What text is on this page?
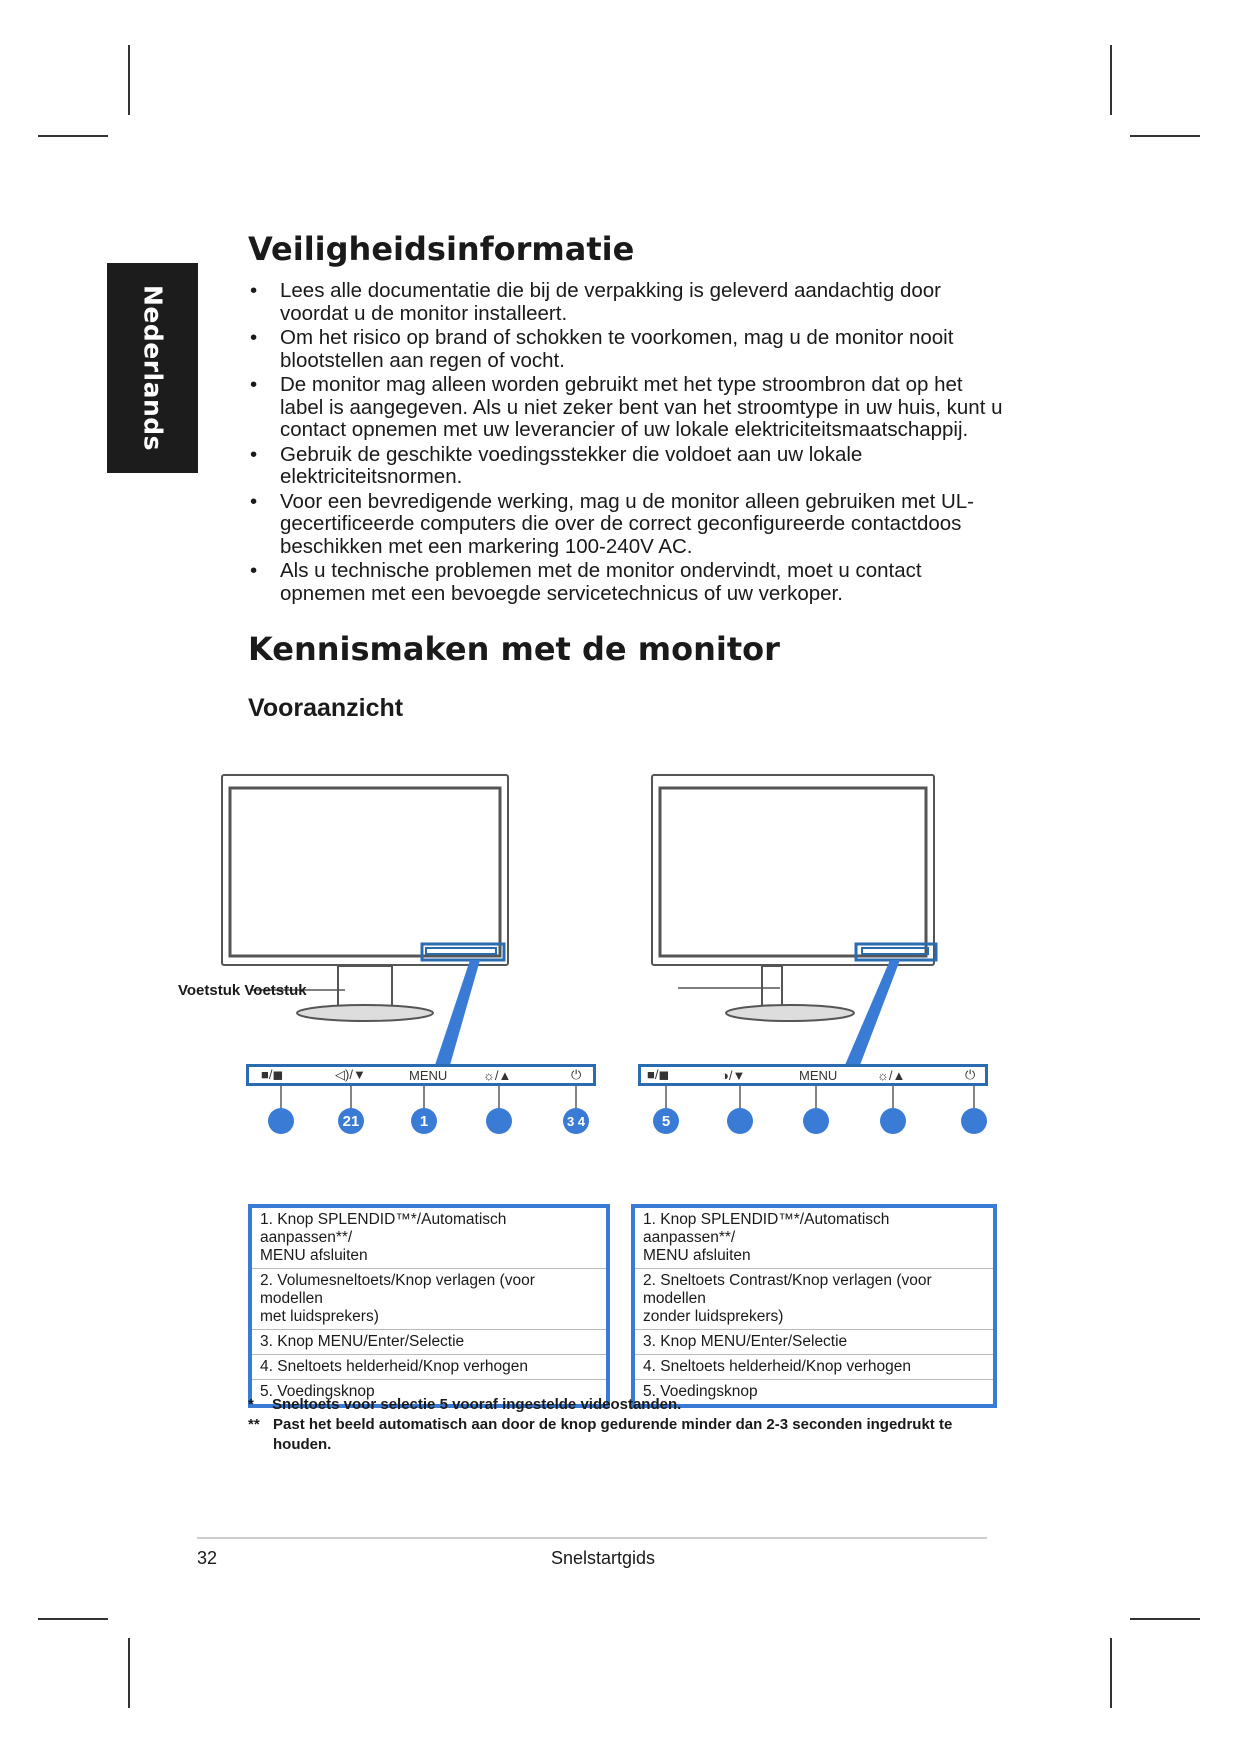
Nederlands
Veiligheidsinformatie
• Lees alle documentatie die bij de verpakking is geleverd aandachtig door voordat u de monitor installeert.
• Om het risico op brand of schokken te voorkomen, mag u de monitor nooit blootstellen aan regen of vocht.
• De monitor mag alleen worden gebruikt met het type stroombron dat op het label is aangegeven. Als u niet zeker bent van het stroomtype in uw huis, kunt u contact opnemen met uw leverancier of uw lokale elektriciteitsmaatschappij.
• Gebruik de geschikte voedingsstekker die voldoet aan uw lokale elektriciteitsnormen.
• Voor een bevredigende werking, mag u de monitor alleen gebruiken met UL-gecertificeerde computers die over de correct geconfigureerde contactdoos beschikken met een markering 100-240V AC.
• Als u technische problemen met de monitor ondervindt, moet u contact opnemen met een bevoegde servicetechnicus of uw verkoper.
Kennismaken met de monitor
Vooraanzicht
Voetstuk Voetstuk
■/◼	◁)/▼	MENU	☼/▲	⏻	■/◼	◑/▼	MENU	☼/▲	⏻
21	1	3 4	5
1. Knop SPLENDID™*/Automatisch aanpassen**/
MENU afsluiten
2. Volumesneltoets/Knop verlagen (voor modellen
met luidsprekers)
3. Knop MENU/Enter/Selectie
4. Sneltoets helderheid/Knop verhogen
5. Voedingsknop
1. Knop SPLENDID™*/Automatisch aanpassen**/
MENU afsluiten
2. Sneltoets Contrast/Knop verlagen (voor modellen
zonder luidsprekers)
3. Knop MENU/Enter/Selectie
4. Sneltoets helderheid/Knop verhogen
5. Voedingsknop

* Sneltoets voor selectie 5 vooraf ingestelde videostanden.

** Past het beeld automatisch aan door de knop gedurende minder dan 2-3 seconden ingedrukt te houden.

32	Snelstartgids
